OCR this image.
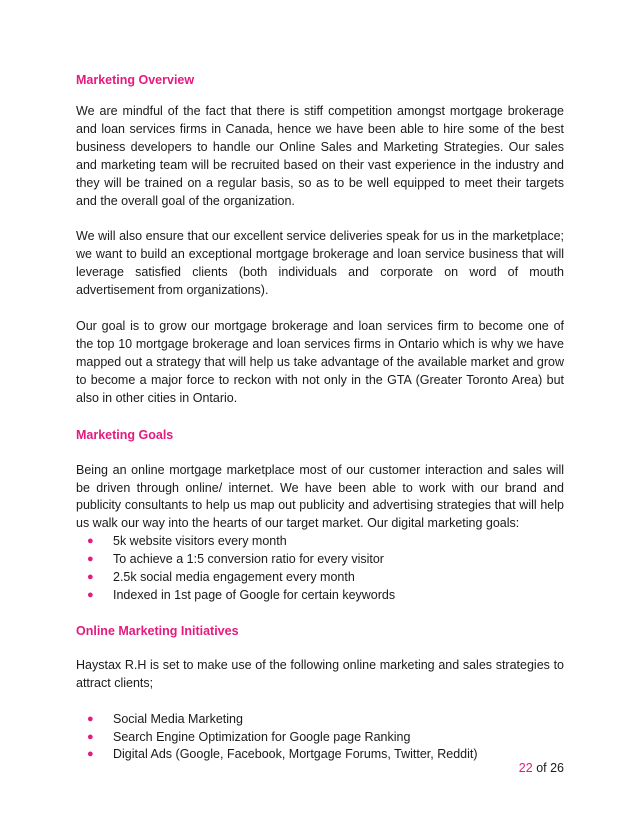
Marketing Overview

We are mindful of the fact that there is stiff competition amongst mortgage brokerage and loan services firms in Canada, hence we have been able to hire some of the best business developers to handle our Online Sales and Marketing Strategies. Our sales and marketing team will be recruited based on their vast experience in the industry and they will be trained on a regular basis, so as to be well equipped to meet their targets and the overall goal of the organization.

We will also ensure that our excellent service deliveries speak for us in the marketplace; we want to build an exceptional mortgage brokerage and loan service business that will leverage satisfied clients (both individuals and corporate on word of mouth advertisement from organizations).

Our goal is to grow our mortgage brokerage and loan services firm to become one of the top 10 mortgage brokerage and loan services firms in Ontario which is why we have mapped out a strategy that will help us take advantage of the available market and grow to become a major force to reckon with not only in the GTA (Greater Toronto Area) but also in other cities in Ontario.

Marketing Goals

Being an online mortgage marketplace most of our customer interaction and sales will be driven through online/ internet. We have been able to work with our brand and publicity consultants to help us map out publicity and advertising strategies that will help us walk our way into the hearts of our target market. Our digital marketing goals:

● 5k website visitors every month
● To achieve a 1:5 conversion ratio for every visitor
● 2.5k social media engagement every month
● Indexed in 1st page of Google for certain keywords
Online Marketing Initiatives

Haystax R.H is set to make use of the following online marketing and sales strategies to attract clients;

● Social Media Marketing
● Search Engine Optimization for Google page Ranking
● Digital Ads (Google, Facebook, Mortgage Forums, Twitter, Reddit)
22 of 26
